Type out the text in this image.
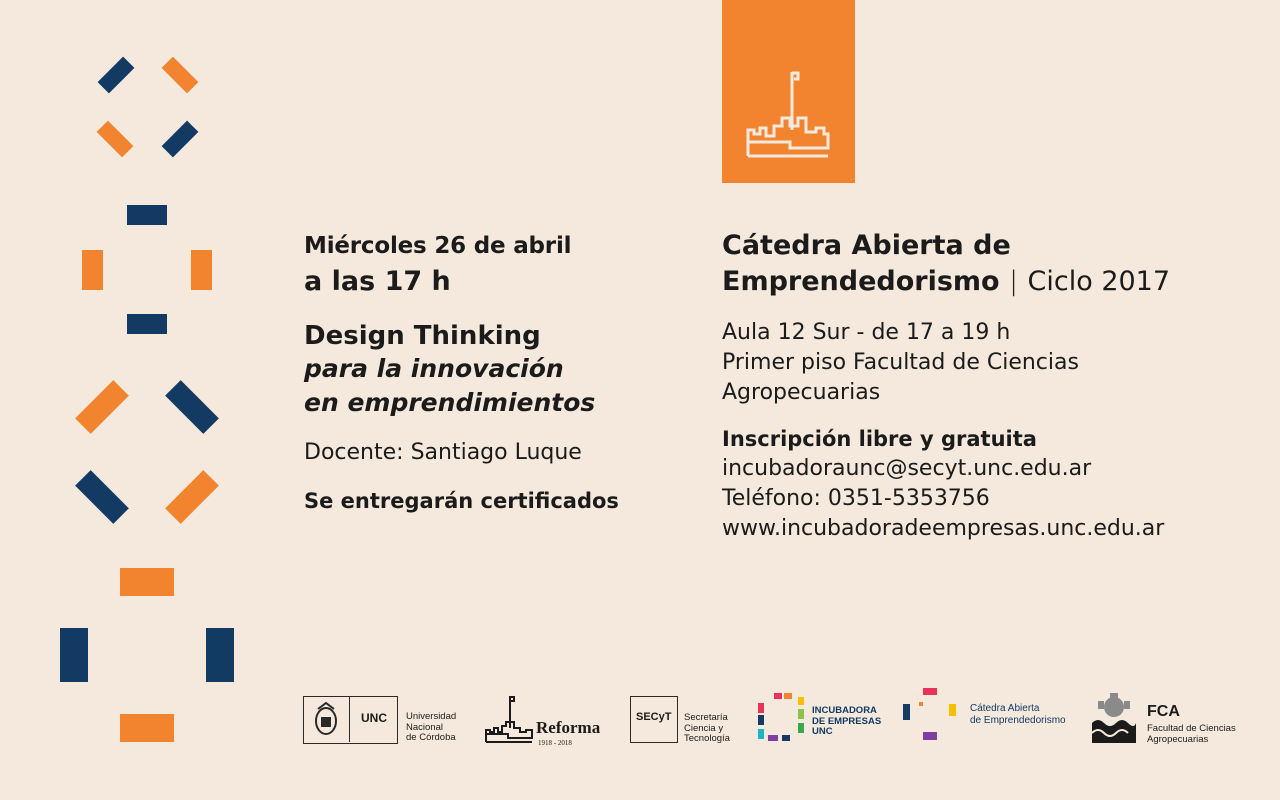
Miércoles 26 de abril
a las 17 h
Design Thinking
para la innovación
en emprendimientos
Docente: Santiago Luque
Se entregarán certificados
Cátedra Abierta de
Emprendedorismo | Ciclo 2017
Aula 12 Sur - de 17 a 19 h
Primer piso Facultad de Ciencias
Agropecuarias
Inscripción libre y gratuita
incubadoraunc@secyt.unc.edu.ar
Teléfono: 0351-5353756
www.incubadoradeempresas.unc.edu.ar
UNC Universidad
Nacional
de Córdoba
Reforma
1918 - 2018
SECyT Secretaría
Ciencia y
Tecnología
INCUBADORA
DE EMPRESAS
UNC
Cátedra Abierta
de Emprendedorismo	FCA
Facultad de Ciencias
Agropecuarias
